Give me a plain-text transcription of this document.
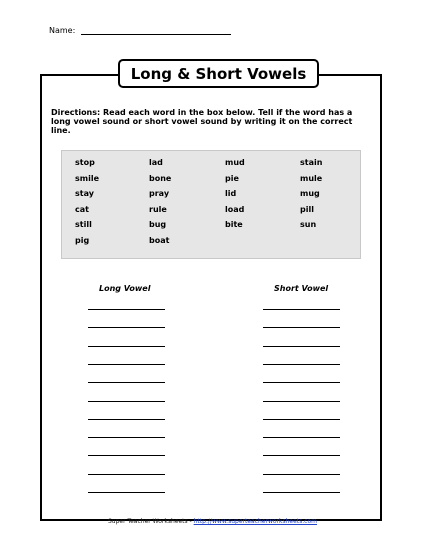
Name:
Long & Short Vowels
Directions: Read each word in the box below. Tell if the word has a long vowel sound or short vowel sound by writing it on the correct line.
stop
smile
stay
cat
still
pig
lad
bone
pray
rule
bug
boat
mud
pie
lid
load
bite
stain
mule
mug
pill
sun
Long Vowel	Short Vowel
Super Teacher Worksheets - http://www.superteacherworksheets.com
